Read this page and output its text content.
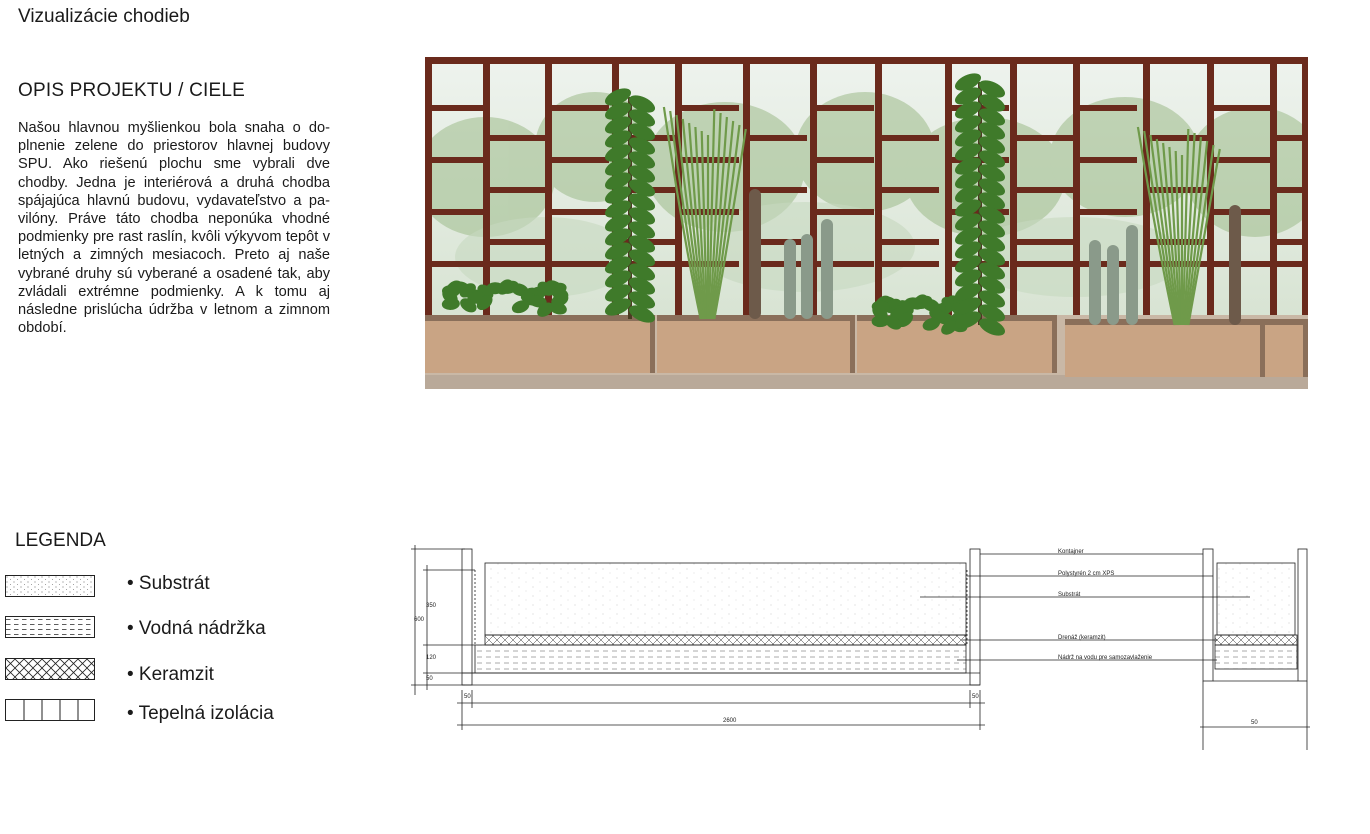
Vizualizácie chodieb
OPIS PROJEKTU / CIELE
Našou hlavnou myšlienkou bola snaha o doplnenie zelene do priestorov hlavnej budovy SPU. Ako riešenú plochu sme vybrali dve chodby. Jedna je interiérová a druhá chodba spájajúca hlavnú budovu, vydavateľstvo a pavilóny. Práve táto chodba neponúka vhodné podmienky pre rast raslín, kvôli výkyvom tepôt v letných a zimných mesiacoch. Preto aj naše vybrané druhy sú vyberané a osadené tak, aby zvládali extrémne podmienky. A k tomu aj následne prislúcha údržba v letnom a zimnom období.
LEGENDA
• Substrát
• Vodná nádržka
• Keramzit
• Tepelná izolácia
Kontajner
Polystyrén 2 cm XPS
Substrát
Drenáž (keramzit)
Nádrž na vodu pre samozavlaženie
350
600
120
50
50	50
2600	50
